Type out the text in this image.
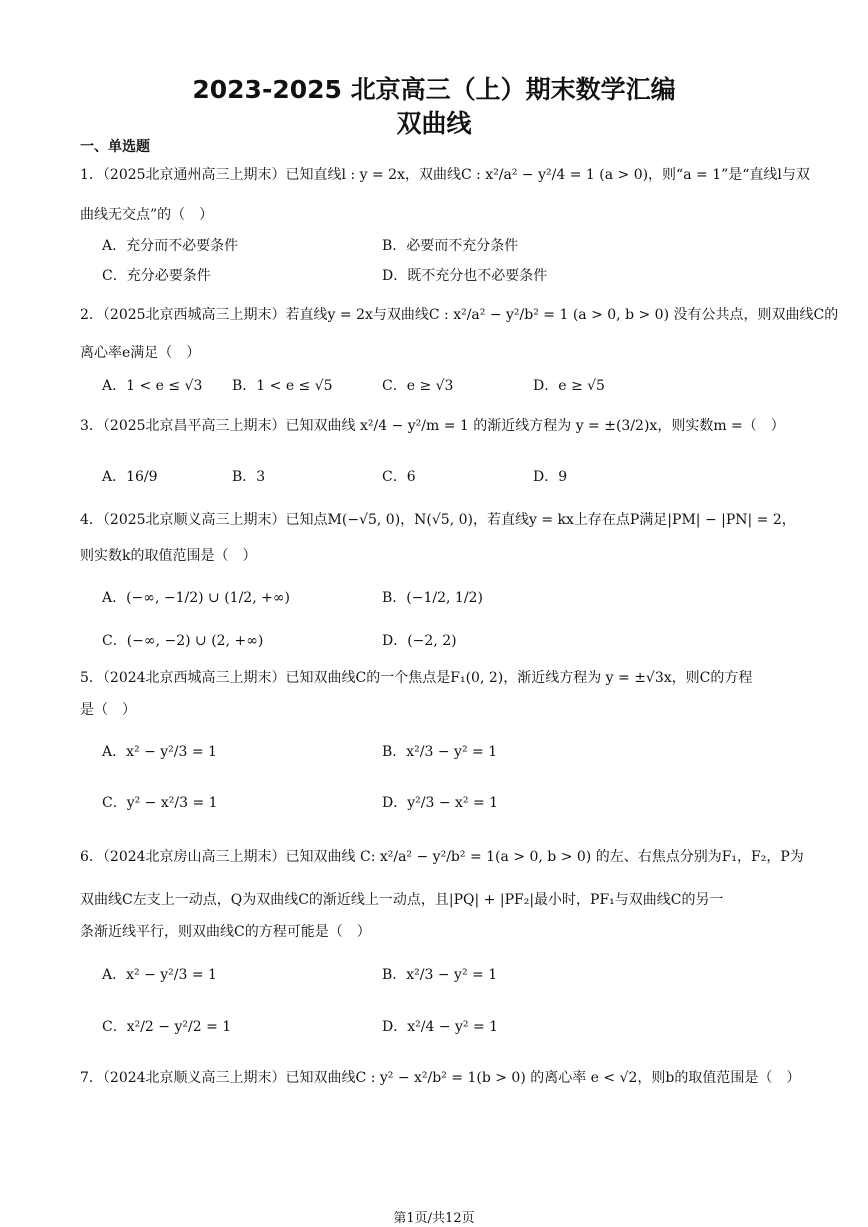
2023-2025 北京高三（上）期末数学汇编
双曲线
一、单选题
1．（2025北京通州高三上期末）已知直线l : y = 2x，双曲线C : x²/a² − y²/4 = 1 (a > 0)，则“a = 1”是“直线l与双
曲线无交点”的（　）
A．充分而不必要条件	B．必要而不充分条件
C．充分必要条件	D．既不充分也不必要条件
2．（2025北京西城高三上期末）若直线y = 2x与双曲线C : x²/a² − y²/b² = 1 (a > 0, b > 0) 没有公共点，则双曲线C的
离心率e满足（　）
A．1 < e ≤ √3 B．1 < e ≤ √5	C．e ≥ √3	D．e ≥ √5
3．（2025北京昌平高三上期末）已知双曲线 x²/4 − y²/m = 1 的渐近线方程为 y = ±(3/2)x，则实数m =（　）
A．16/9	B．3	C．6	D．9
4．（2025北京顺义高三上期末）已知点M(−√5, 0)，N(√5, 0)，若直线y = kx上存在点P满足|PM| − |PN| = 2，
则实数k的取值范围是（　）
A．(−∞, −1/2) ∪ (1/2, +∞)	B．(−1/2, 1/2)
C．(−∞, −2) ∪ (2, +∞)	D．(−2, 2)
5．（2024北京西城高三上期末）已知双曲线C的一个焦点是F₁(0, 2)，渐近线方程为 y = ±√3x，则C的方程
是（　）
A．x² − y²/3 = 1	B．x²/3 − y² = 1
C．y² − x²/3 = 1	D．y²/3 − x² = 1
6．（2024北京房山高三上期末）已知双曲线 C: x²/a² − y²/b² = 1(a > 0, b > 0) 的左、右焦点分别为F₁，F₂，P为
双曲线C左支上一动点，Q为双曲线C的渐近线上一动点，且|PQ| + |PF₂|最小时，PF₁与双曲线C的另一
条渐近线平行，则双曲线C的方程可能是（　）
A．x² − y²/3 = 1	B．x²/3 − y² = 1
C．x²/2 − y²/2 = 1	D．x²/4 − y² = 1
7．（2024北京顺义高三上期末）已知双曲线C : y² − x²/b² = 1(b > 0) 的离心率 e < √2，则b的取值范围是（　）
第1页/共12页
